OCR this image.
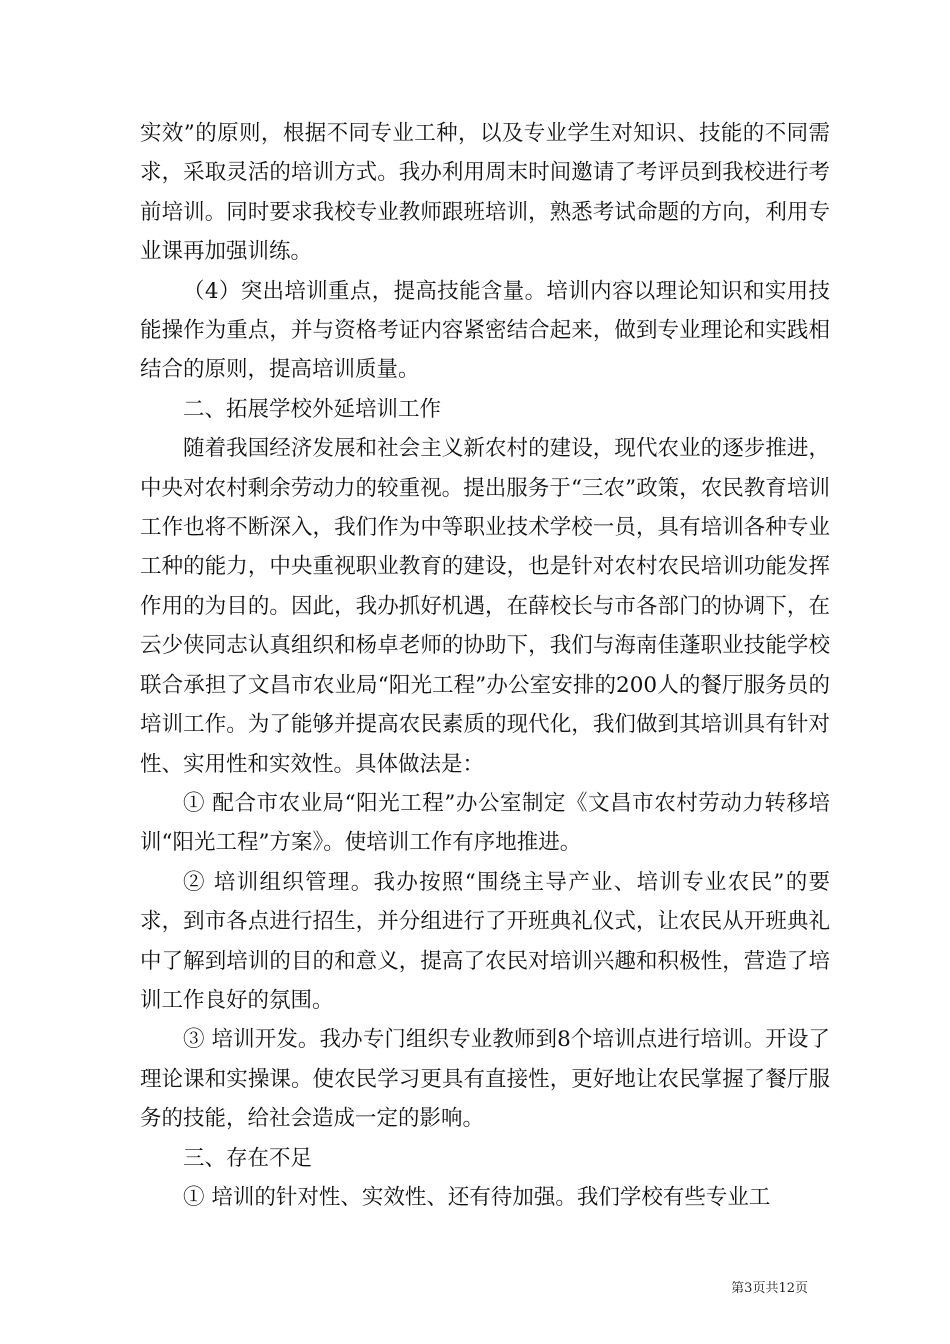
实效”的原则，根据不同专业工种，以及专业学生对知识、技能的不同需求，采取灵活的培训方式。我办利用周末时间邀请了考评员到我校进行考前培训。同时要求我校专业教师跟班培训，熟悉考试命题的方向，利用专业课再加强训练。

（4）突出培训重点，提高技能含量。培训内容以理论知识和实用技能操作为重点，并与资格考证内容紧密结合起来，做到专业理论和实践相结合的原则，提高培训质量。

二、拓展学校外延培训工作

随着我国经济发展和社会主义新农村的建设，现代农业的逐步推进，中央对农村剩余劳动力的较重视。提出服务于“三农”政策，农民教育培训工作也将不断深入，我们作为中等职业技术学校一员，具有培训各种专业工种的能力，中央重视职业教育的建设，也是针对农村农民培训功能发挥作用的为目的。因此，我办抓好机遇，在薛校长与市各部门的协调下，在云少侠同志认真组织和杨卓老师的协助下，我们与海南佳蓬职业技能学校联合承担了文昌市农业局“阳光工程”办公室安排的200人的餐厅服务员的培训工作。为了能够并提高农民素质的现代化，我们做到其培训具有针对性、实用性和实效性。具体做法是：

① 配合市农业局“阳光工程”办公室制定《文昌市农村劳动力转移培训“阳光工程”方案》。使培训工作有序地推进。

② 培训组织管理。我办按照“围绕主导产业、培训专业农民”的要求，到市各点进行招生，并分组进行了开班典礼仪式，让农民从开班典礼中了解到培训的目的和意义，提高了农民对培训兴趣和积极性，营造了培训工作良好的氛围。

③ 培训开发。我办专门组织专业教师到8个培训点进行培训。开设了理论课和实操课。使农民学习更具有直接性，更好地让农民掌握了餐厅服务的技能，给社会造成一定的影响。

三、存在不足

① 培训的针对性、实效性、还有待加强。我们学校有些专业工

第3页共12页
